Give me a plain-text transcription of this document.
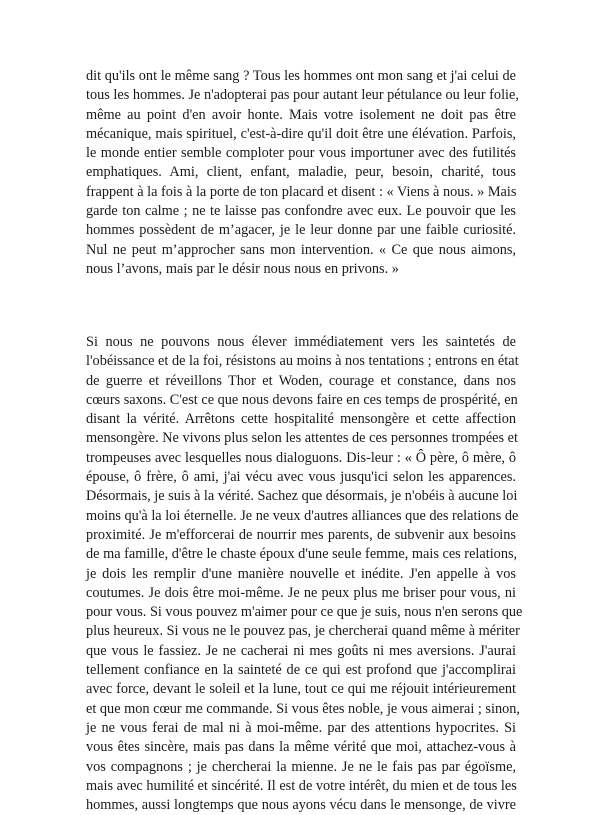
dit qu'ils ont le même sang ? Tous les hommes ont mon sang et j'ai celui de
tous les hommes. Je n'adopterai pas pour autant leur pétulance ou leur folie,
même au point d'en avoir honte. Mais votre isolement ne doit pas être
mécanique, mais spirituel, c'est-à-dire qu'il doit être une élévation. Parfois,
le monde entier semble comploter pour vous importuner avec des futilités
emphatiques. Ami, client, enfant, maladie, peur, besoin, charité, tous
frappent à la fois à la porte de ton placard et disent : « Viens à nous. » Mais
garde ton calme ; ne te laisse pas confondre avec eux. Le pouvoir que les
hommes possèdent de m’agacer, je le leur donne par une faible curiosité.
Nul ne peut m’approcher sans mon intervention. « Ce que nous aimons,
nous l’avons, mais par le désir nous nous en privons. »
Si nous ne pouvons nous élever immédiatement vers les saintetés de
l'obéissance et de la foi, résistons au moins à nos tentations ; entrons en état
de guerre et réveillons Thor et Woden, courage et constance, dans nos
cœurs saxons. C'est ce que nous devons faire en ces temps de prospérité, en
disant la vérité. Arrêtons cette hospitalité mensongère et cette affection
mensongère. Ne vivons plus selon les attentes de ces personnes trompées et
trompeuses avec lesquelles nous dialoguons. Dis-leur : « Ô père, ô mère, ô
épouse, ô frère, ô ami, j'ai vécu avec vous jusqu'ici selon les apparences.
Désormais, je suis à la vérité. Sachez que désormais, je n'obéis à aucune loi
moins qu'à la loi éternelle. Je ne veux d'autres alliances que des relations de
proximité. Je m'efforcerai de nourrir mes parents, de subvenir aux besoins
de ma famille, d'être le chaste époux d'une seule femme, mais ces relations,
je dois les remplir d'une manière nouvelle et inédite. J'en appelle à vos
coutumes. Je dois être moi-même. Je ne peux plus me briser pour vous, ni
pour vous. Si vous pouvez m'aimer pour ce que je suis, nous n'en serons que
plus heureux. Si vous ne le pouvez pas, je chercherai quand même à mériter
que vous le fassiez. Je ne cacherai ni mes goûts ni mes aversions. J'aurai
tellement confiance en la sainteté de ce qui est profond que j'accomplirai
avec force, devant le soleil et la lune, tout ce qui me réjouit intérieurement
et que mon cœur me commande. Si vous êtes noble, je vous aimerai ; sinon,
je ne vous ferai de mal ni à moi-même. par des attentions hypocrites. Si
vous êtes sincère, mais pas dans la même vérité que moi, attachez-vous à
vos compagnons ; je chercherai la mienne. Je ne le fais pas par égoïsme,
mais avec humilité et sincérité. Il est de votre intérêt, du mien et de tous les
hommes, aussi longtemps que nous ayons vécu dans le mensonge, de vivre
